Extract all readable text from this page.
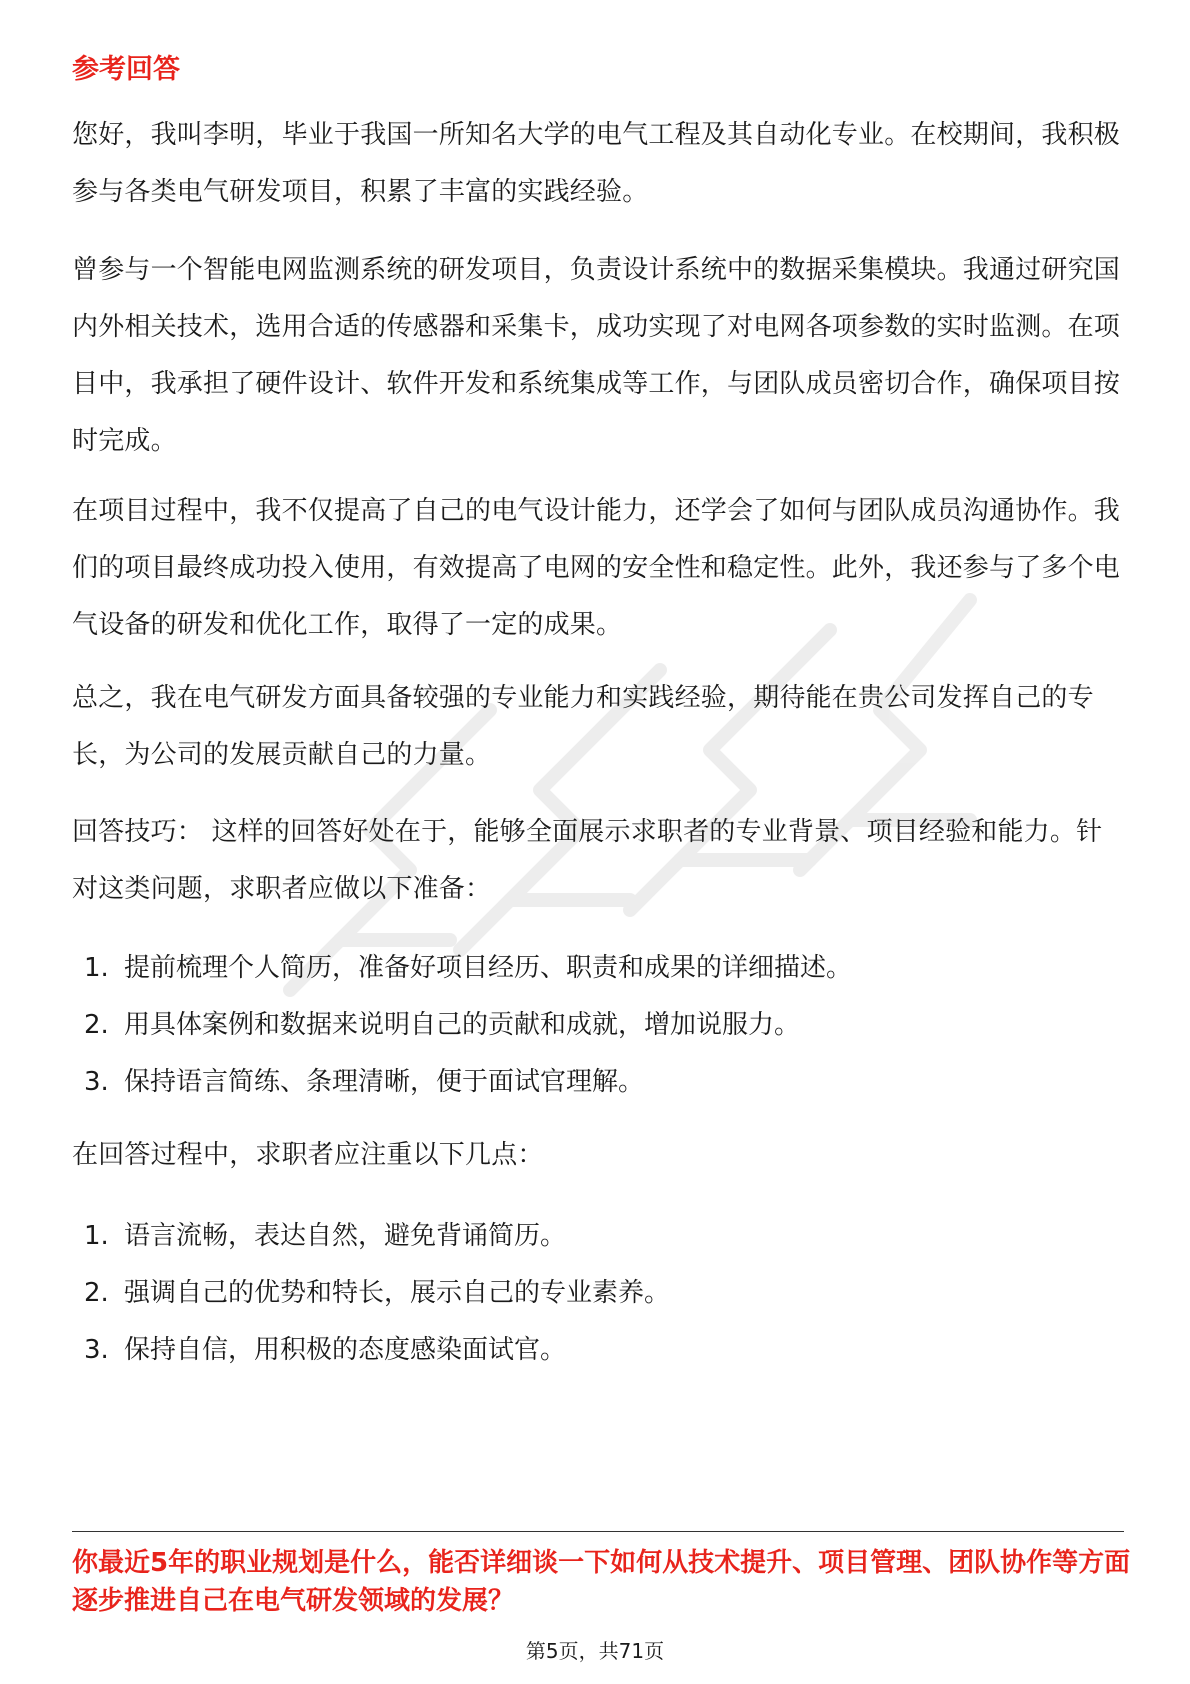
参考回答

您好，我叫李明，毕业于我国一所知名大学的电气工程及其自动化专业。在校期间，我积极参与各类电气研发项目，积累了丰富的实践经验。

曾参与一个智能电网监测系统的研发项目，负责设计系统中的数据采集模块。我通过研究国内外相关技术，选用合适的传感器和采集卡，成功实现了对电网各项参数的实时监测。在项目中，我承担了硬件设计、软件开发和系统集成等工作，与团队成员密切合作，确保项目按时完成。

在项目过程中，我不仅提高了自己的电气设计能力，还学会了如何与团队成员沟通协作。我们的项目最终成功投入使用，有效提高了电网的安全性和稳定性。此外，我还参与了多个电气设备的研发和优化工作，取得了一定的成果。

总之，我在电气研发方面具备较强的专业能力和实践经验，期待能在贵公司发挥自己的专长，为公司的发展贡献自己的力量。

回答技巧： 这样的回答好处在于，能够全面展示求职者的专业背景、项目经验和能力。针对这类问题，求职者应做以下准备：

1. 提前梳理个人简历，准备好项目经历、职责和成果的详细描述。
2. 用具体案例和数据来说明自己的贡献和成就，增加说服力。
3. 保持语言简练、条理清晰，便于面试官理解。

在回答过程中，求职者应注重以下几点：

1. 语言流畅，表达自然，避免背诵简历。
2. 强调自己的优势和特长，展示自己的专业素养。
3. 保持自信，用积极的态度感染面试官。

你最近5年的职业规划是什么，能否详细谈一下如何从技术提升、项目管理、团队协作等方面逐步推进自己在电气研发领域的发展？

第5页，共71页
